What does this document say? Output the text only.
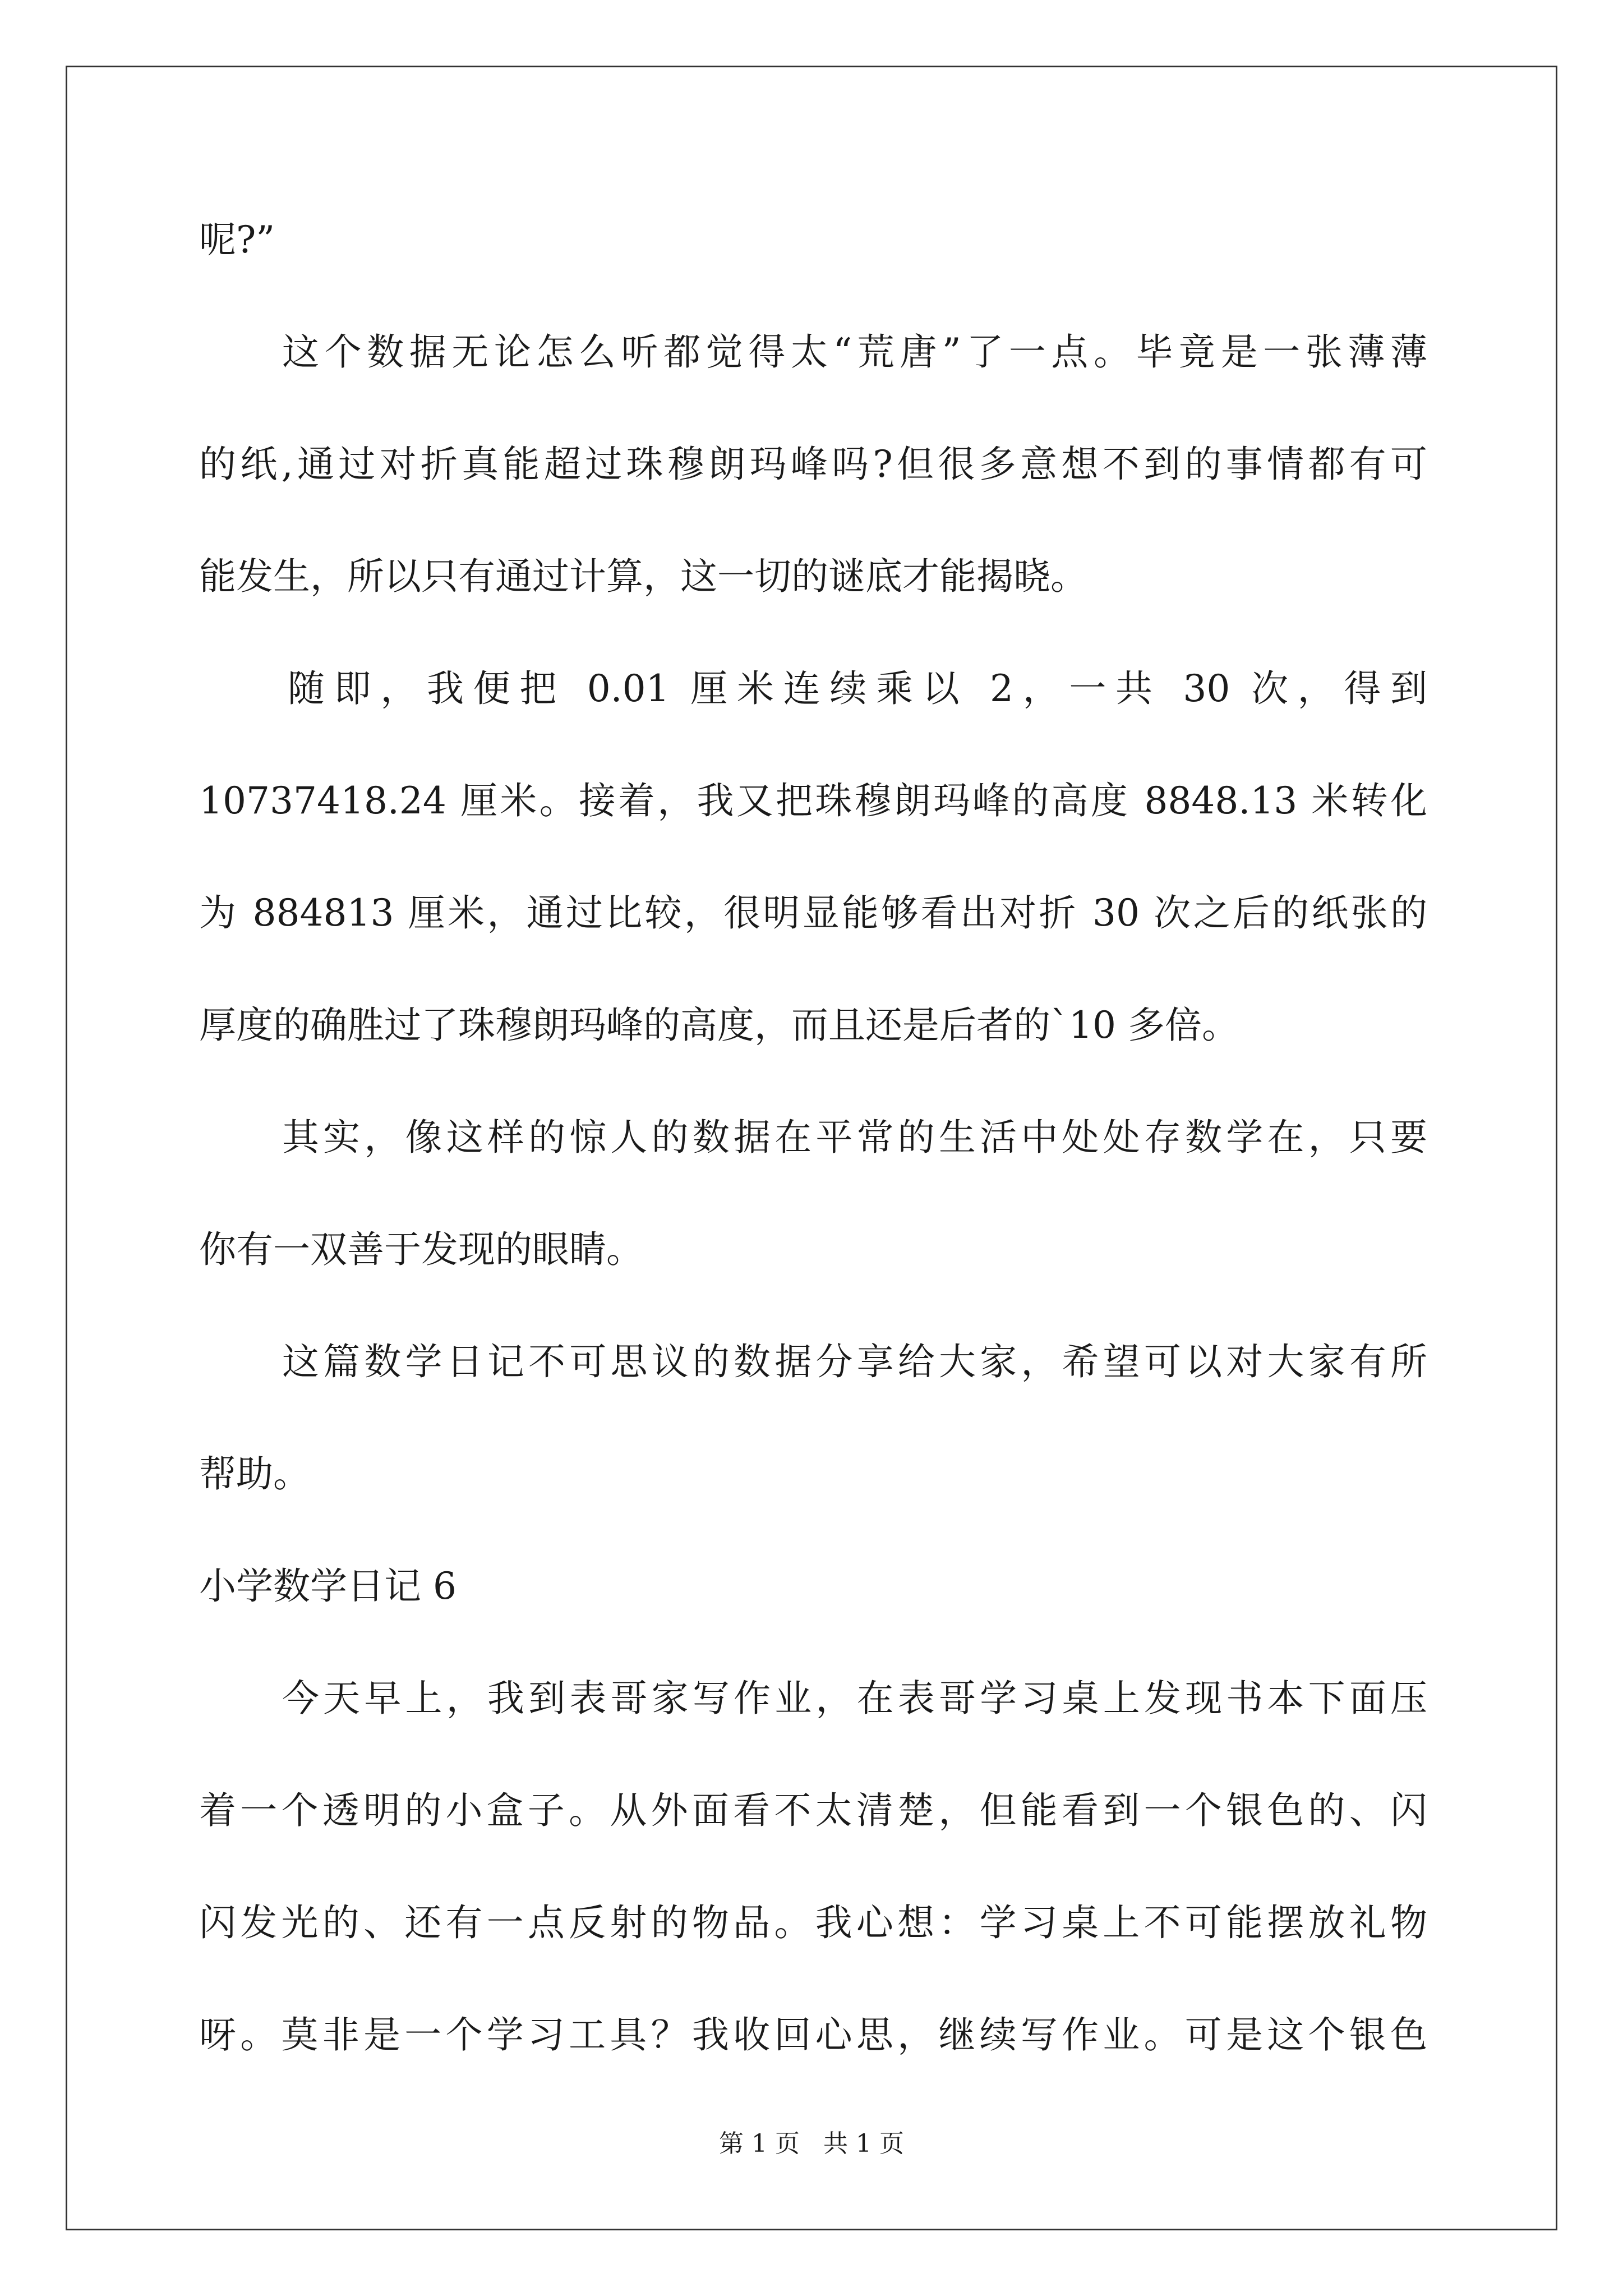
呢?”
这个数据无论怎么听都觉得太“荒唐”了一点。毕竟是一张薄薄
的纸,通过对折真能超过珠穆朗玛峰吗?但很多意想不到的事情都有可
能发生，所以只有通过计算，这一切的谜底才能揭晓。
随即，我便把 0.01 厘米连续乘以 2，一共 30 次，得到
10737418.24 厘米。接着，我又把珠穆朗玛峰的高度 8848.13 米转化
为 884813 厘米，通过比较，很明显能够看出对折 30 次之后的纸张的
厚度的确胜过了珠穆朗玛峰的高度，而且还是后者的`10 多倍。
其实，像这样的惊人的数据在平常的生活中处处存数学在，只要
你有一双善于发现的眼睛。
这篇数学日记不可思议的数据分享给大家，希望可以对大家有所
帮助。
小学数学日记 6
今天早上，我到表哥家写作业，在表哥学习桌上发现书本下面压
着一个透明的小盒子。从外面看不太清楚，但能看到一个银色的、闪
闪发光的、还有一点反射的物品。我心想：学习桌上不可能摆放礼物
呀。莫非是一个学习工具？我收回心思，继续写作业。可是这个银色
第 1 页 共 1 页
